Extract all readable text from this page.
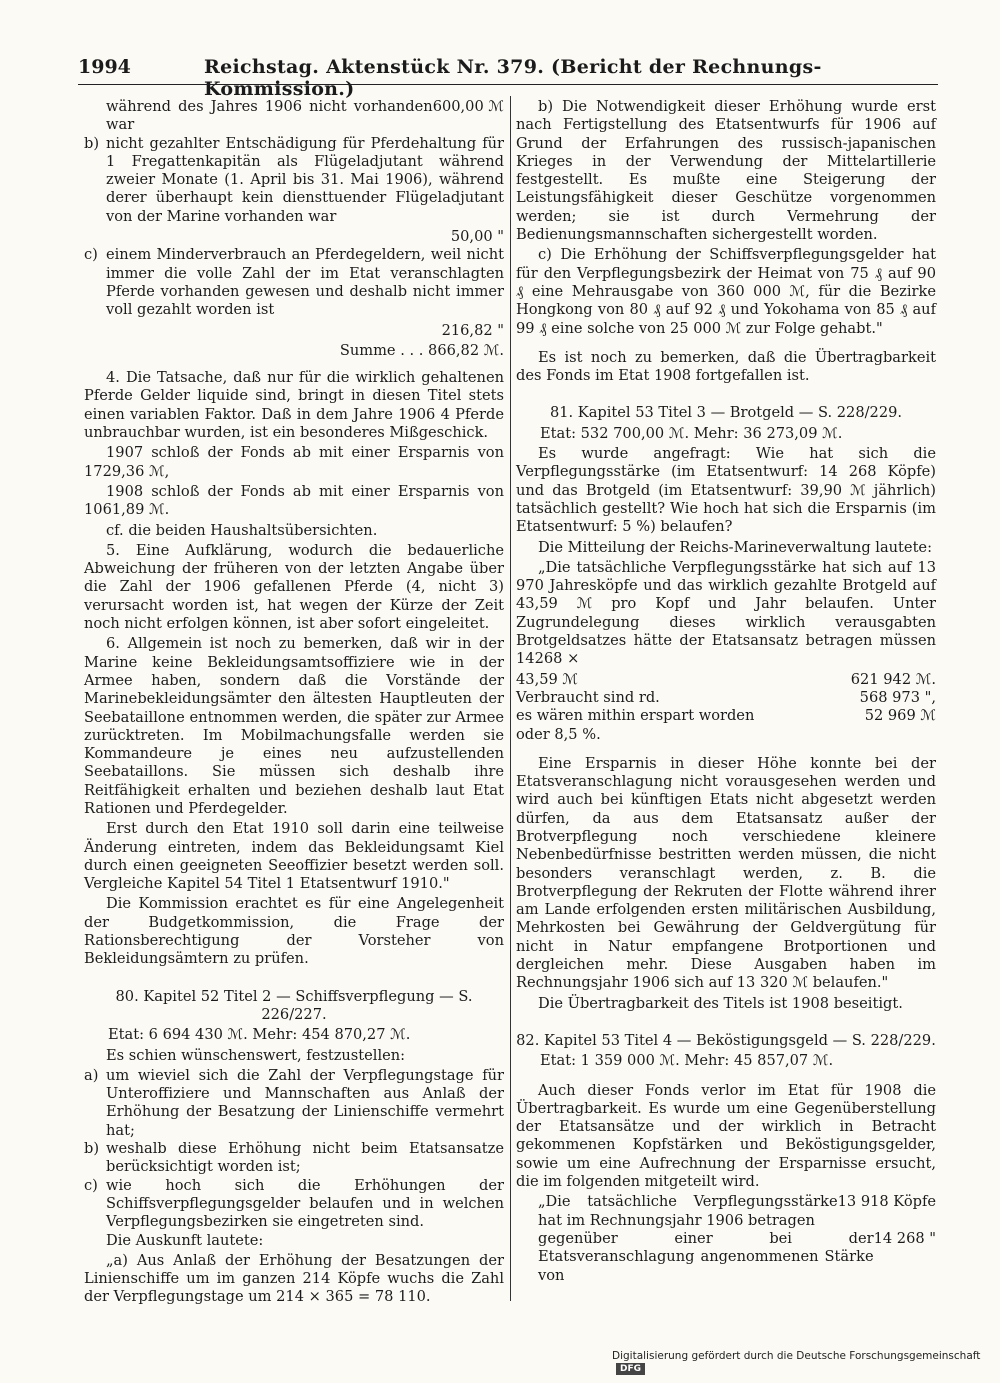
1994	Reichstag. Aktenstück Nr. 379. (Bericht der Rechnungs-Kommission.)
während des Jahres 1906 nicht vorhanden war
600,00 ℳ
b) nicht gezahlter Entschädigung für Pferdehaltung für 1 Fregattenkapitän als Flügeladjutant während zweier Monate (1. April bis 31. Mai 1906), während derer überhaupt kein diensttuender Flügeladjutant von der Marine vorhanden war
50,00 "
c) einem Minderverbrauch an Pferdegeldern, weil nicht immer die volle Zahl der im Etat veranschlagten Pferde vorhanden gewesen und deshalb nicht immer voll gezahlt worden ist
216,82 "
Summe . . . 866,82 ℳ.

4. Die Tatsache, daß nur für die wirklich gehaltenen Pferde Gelder liquide sind, bringt in diesen Titel stets einen variablen Faktor. Daß in dem Jahre 1906 4 Pferde unbrauchbar wurden, ist ein besonderes Mißgeschick.

1907 schloß der Fonds ab mit einer Ersparnis von 1729,36 ℳ,

1908 schloß der Fonds ab mit einer Ersparnis von 1061,89 ℳ.

cf. die beiden Haushaltsübersichten.

5. Eine Aufklärung, wodurch die bedauerliche Abweichung der früheren von der letzten Angabe über die Zahl der 1906 gefallenen Pferde (4, nicht 3) verursacht worden ist, hat wegen der Kürze der Zeit noch nicht erfolgen können, ist aber sofort eingeleitet.

6. Allgemein ist noch zu bemerken, daß wir in der Marine keine Bekleidungsamtsoffiziere wie in der Armee haben, sondern daß die Vorstände der Marinebekleidungsämter den ältesten Hauptleuten der Seebataillone entnommen werden, die später zur Armee zurücktreten. Im Mobilmachungsfalle werden sie Kommandeure je eines neu aufzustellenden Seebataillons. Sie müssen sich deshalb ihre Reitfähigkeit erhalten und beziehen deshalb laut Etat Rationen und Pferdegelder.

Erst durch den Etat 1910 soll darin eine teilweise Änderung eintreten, indem das Bekleidungsamt Kiel durch einen geeigneten Seeoffizier besetzt werden soll. Vergleiche Kapitel 54 Titel 1 Etatsentwurf 1910."

Die Kommission erachtet es für eine Angelegenheit der Budgetkommission, die Frage der Rationsberechtigung der Vorsteher von Bekleidungsämtern zu prüfen.

80. Kapitel 52 Titel 2 — Schiffsverpflegung — S. 226/227.

Etat: 6 694 430 ℳ. Mehr: 454 870,27 ℳ.

Es schien wünschenswert, festzustellen:

a) um wieviel sich die Zahl der Verpflegungstage für Unteroffiziere und Mannschaften aus Anlaß der Erhöhung der Besatzung der Linienschiffe vermehrt hat;
b) weshalb diese Erhöhung nicht beim Etatsansatze berücksichtigt worden ist;
c) wie hoch sich die Erhöhungen der Schiffsverpflegungsgelder belaufen und in welchen Verpflegungsbezirken sie eingetreten sind.

Die Auskunft lautete:

„a) Aus Anlaß der Erhöhung der Besatzungen der Linienschiffe um im ganzen 214 Köpfe wuchs die Zahl der Verpflegungstage um 214 × 365 = 78 110.

b) Die Notwendigkeit dieser Erhöhung wurde erst nach Fertigstellung des Etatsentwurfs für 1906 auf Grund der Erfahrungen des russisch-japanischen Krieges in der Verwendung der Mittelartillerie festgestellt. Es mußte eine Steigerung der Leistungsfähigkeit dieser Geschütze vorgenommen werden; sie ist durch Vermehrung der Bedienungsmannschaften sichergestellt worden.

c) Die Erhöhung der Schiffsverpflegungsgelder hat für den Verpflegungsbezirk der Heimat von 75 ₰ auf 90 ₰ eine Mehrausgabe von 360 000 ℳ, für die Bezirke Hongkong von 80 ₰ auf 92 ₰ und Yokohama von 85 ₰ auf 99 ₰ eine solche von 25 000 ℳ zur Folge gehabt."

Es ist noch zu bemerken, daß die Übertragbarkeit des Fonds im Etat 1908 fortgefallen ist.

81. Kapitel 53 Titel 3 — Brotgeld — S. 228/229.

Etat: 532 700,00 ℳ. Mehr: 36 273,09 ℳ.

Es wurde angefragt: Wie hat sich die Verpflegungsstärke (im Etatsentwurf: 14 268 Köpfe) und das Brotgeld (im Etatsentwurf: 39,90 ℳ jährlich) tatsächlich gestellt? Wie hoch hat sich die Ersparnis (im Etatsentwurf: 5 %) belaufen?

Die Mitteilung der Reichs-Marineverwaltung lautete:

„Die tatsächliche Verpflegungsstärke hat sich auf 13 970 Jahresköpfe und das wirklich gezahlte Brotgeld auf 43,59 ℳ pro Kopf und Jahr belaufen. Unter Zugrundelegung dieses wirklich verausgabten Brotgeldsatzes hätte der Etatsansatz betragen müssen 14268 ×

43,59 ℳ	621 942 ℳ.
Verbraucht sind rd.	568 973 ",
es wären mithin erspart worden	52 969 ℳ

oder 8,5 %.

Eine Ersparnis in dieser Höhe konnte bei der Etatsveranschlagung nicht vorausgesehen werden und wird auch bei künftigen Etats nicht abgesetzt werden dürfen, da aus dem Etatsansatz außer der Brotverpflegung noch verschiedene kleinere Nebenbedürfnisse bestritten werden müssen, die nicht besonders veranschlagt werden, z. B. die Brotverpflegung der Rekruten der Flotte während ihrer am Lande erfolgenden ersten militärischen Ausbildung, Mehrkosten bei Gewährung der Geldvergütung für nicht in Natur empfangene Brotportionen und dergleichen mehr. Diese Ausgaben haben im Rechnungsjahr 1906 sich auf 13 320 ℳ belaufen."

Die Übertragbarkeit des Titels ist 1908 beseitigt.

82. Kapitel 53 Titel 4 — Beköstigungsgeld — S. 228/229.

Etat: 1 359 000 ℳ. Mehr: 45 857,07 ℳ.

Auch dieser Fonds verlor im Etat für 1908 die Übertragbarkeit. Es wurde um eine Gegenüberstellung der Etatsansätze und der wirklich in Betracht gekommenen Kopfstärken und Beköstigungsgelder, sowie um eine Aufrechnung der Ersparnisse ersucht, die im folgenden mitgeteilt wird.

„Die tatsächliche Verpflegungsstärke hat im Rechnungsjahr 1906 betragen
13 918 Köpfe
gegenüber einer bei der Etatsveranschlagung angenommenen Stärke von
14 268 "
Digitalisierung gefördert durch die Deutsche Forschungsgemeinschaft DFG
